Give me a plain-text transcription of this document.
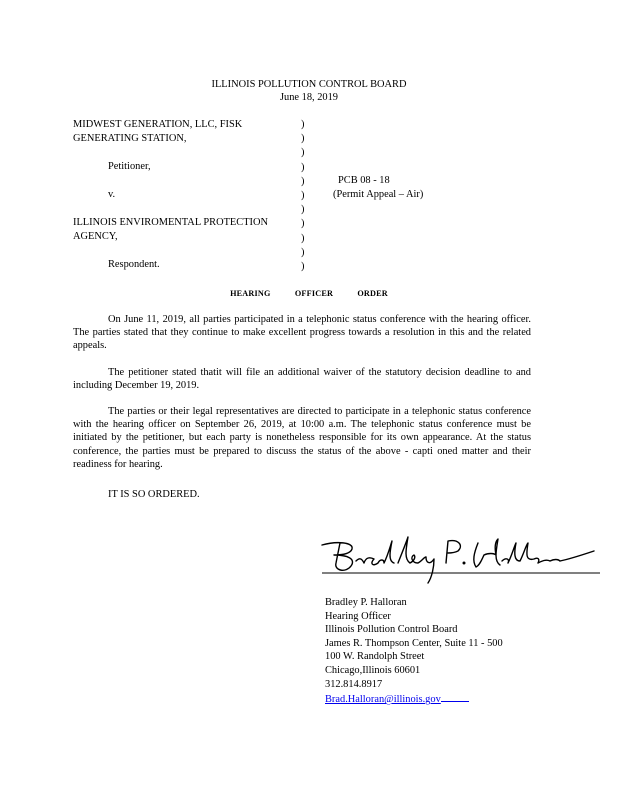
ILLINOIS POLLUTION CONTROL BOARD
June 18, 2019
MIDWEST GENERATION, LLC, FISK
GENERATING STATION,
Petitioner,
v.
ILLINOIS ENVIROMENTAL PROTECTION
AGENCY,
Respondent.
)
)
)
)
)
)
)
)
)
)
)
PCB 08 - 18
(Permit Appeal – Air)
HEARING OFFICER ORDER
On June 11, 2019, all parties participated in a telephonic status conference with the hearing officer. The parties stated that they continue to make excellent progress towards a resolution in this and the related appeals.
The petitioner stated thatit will file an additional waiver of the statutory decision deadline to and including December 19, 2019.
The parties or their legal representatives are directed to participate in a telephonic status conference with the hearing officer on September 26, 2019, at 10:00 a.m. The telephonic status conference must be initiated by the petitioner, but each party is nonetheless responsible for its own appearance. At the status conference, the parties must be prepared to discuss the status of the above - capti oned matter and their readiness for hearing.
IT IS SO ORDERED.
Bradley P. Halloran
Hearing Officer
Illinois Pollution Control Board
James R. Thompson Center, Suite 11 - 500
100 W. Randolph Street
Chicago,Illinois 60601
312.814.8917
Brad.Halloran@illinois.gov
